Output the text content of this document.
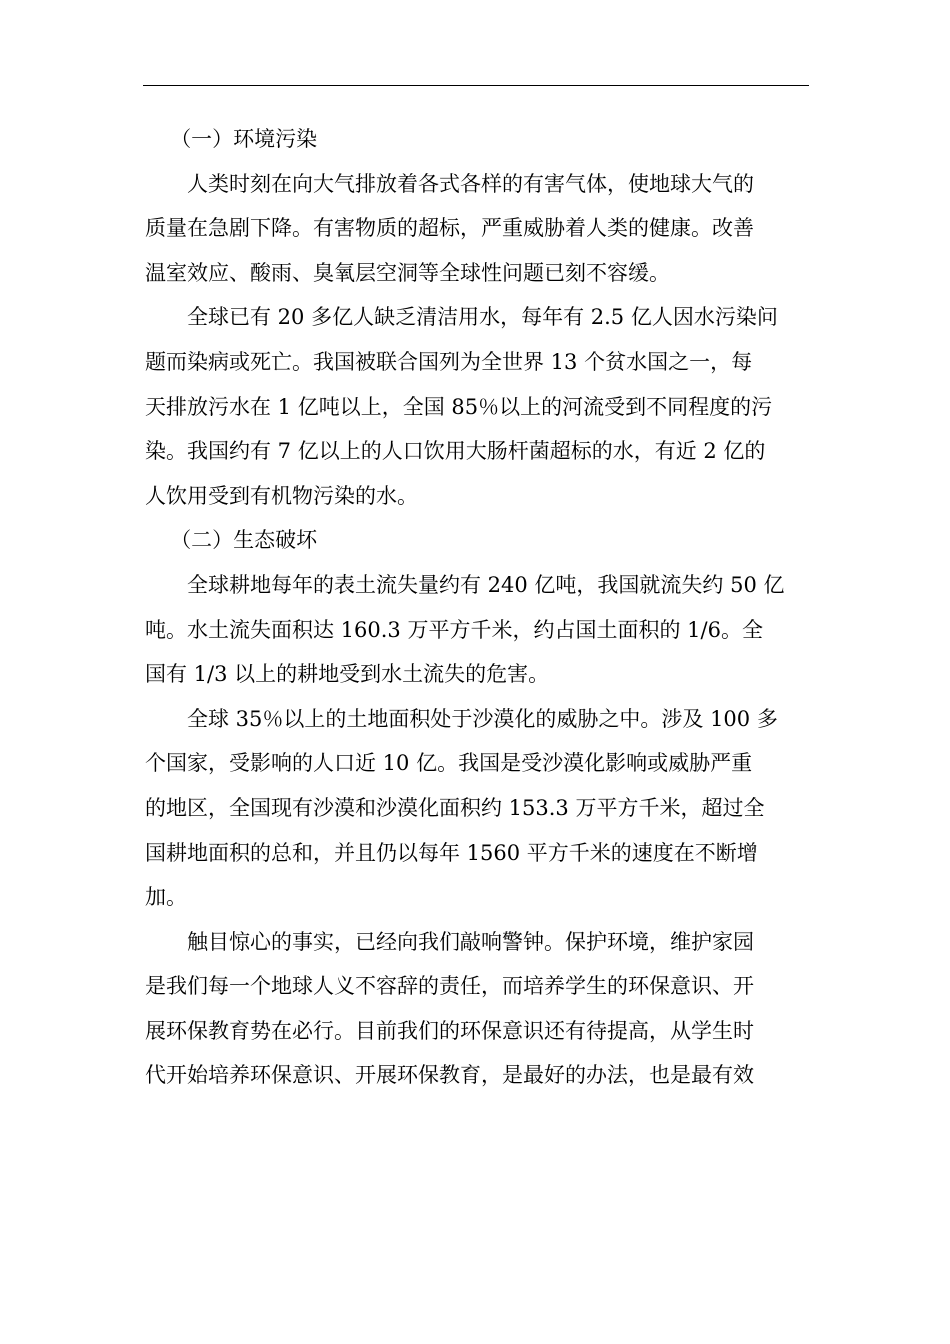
（一）环境污染

人类时刻在向大气排放着各式各样的有害气体，使地球大气的
质量在急剧下降。有害物质的超标，严重威胁着人类的健康。改善
温室效应、酸雨、臭氧层空洞等全球性问题已刻不容缓。

全球已有 20 多亿人缺乏清洁用水，每年有 2.5 亿人因水污染问
题而染病或死亡。我国被联合国列为全世界 13 个贫水国之一，每
天排放污水在 1 亿吨以上，全国 85％以上的河流受到不同程度的污
染。我国约有 7 亿以上的人口饮用大肠杆菌超标的水，有近 2 亿的
人饮用受到有机物污染的水。

（二）生态破坏

全球耕地每年的表土流失量约有 240 亿吨，我国就流失约 50 亿
吨。水土流失面积达 160.3 万平方千米，约占国土面积的 1/6。全
国有 1/3 以上的耕地受到水土流失的危害。

全球 35％以上的土地面积处于沙漠化的威胁之中。涉及 100 多
个国家，受影响的人口近 10 亿。我国是受沙漠化影响或威胁严重
的地区，全国现有沙漠和沙漠化面积约 153.3 万平方千米，超过全
国耕地面积的总和，并且仍以每年 1560 平方千米的速度在不断增
加。

触目惊心的事实，已经向我们敲响警钟。保护环境，维护家园
是我们每一个地球人义不容辞的责任，而培养学生的环保意识、开
展环保教育势在必行。目前我们的环保意识还有待提高，从学生时
代开始培养环保意识、开展环保教育，是最好的办法，也是最有效
